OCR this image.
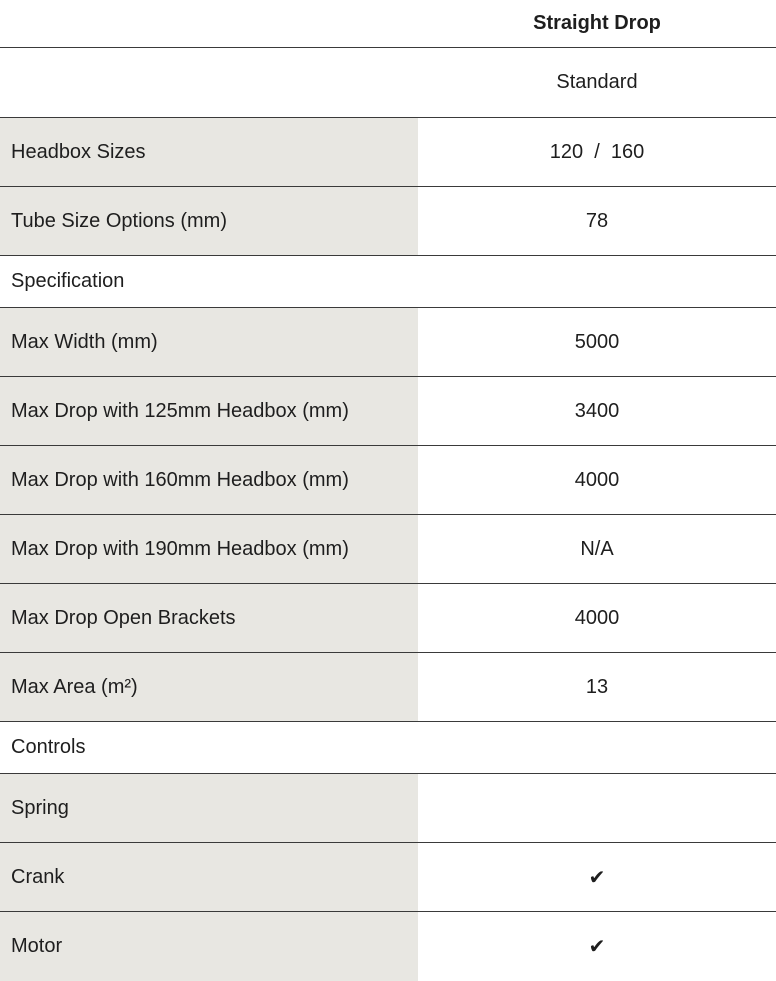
Straight Drop
Standard
Headbox Sizes	120  /  160
Tube Size Options (mm)	78
Specification
Max Width (mm)	5000
Max Drop with 125mm Headbox (mm)	3400
Max Drop with 160mm Headbox (mm)	4000
Max Drop with 190mm Headbox (mm)	N/A
Max Drop Open Brackets	4000
Max Area (m²)	13
Controls
Spring
Crank	✔
Motor	✔
